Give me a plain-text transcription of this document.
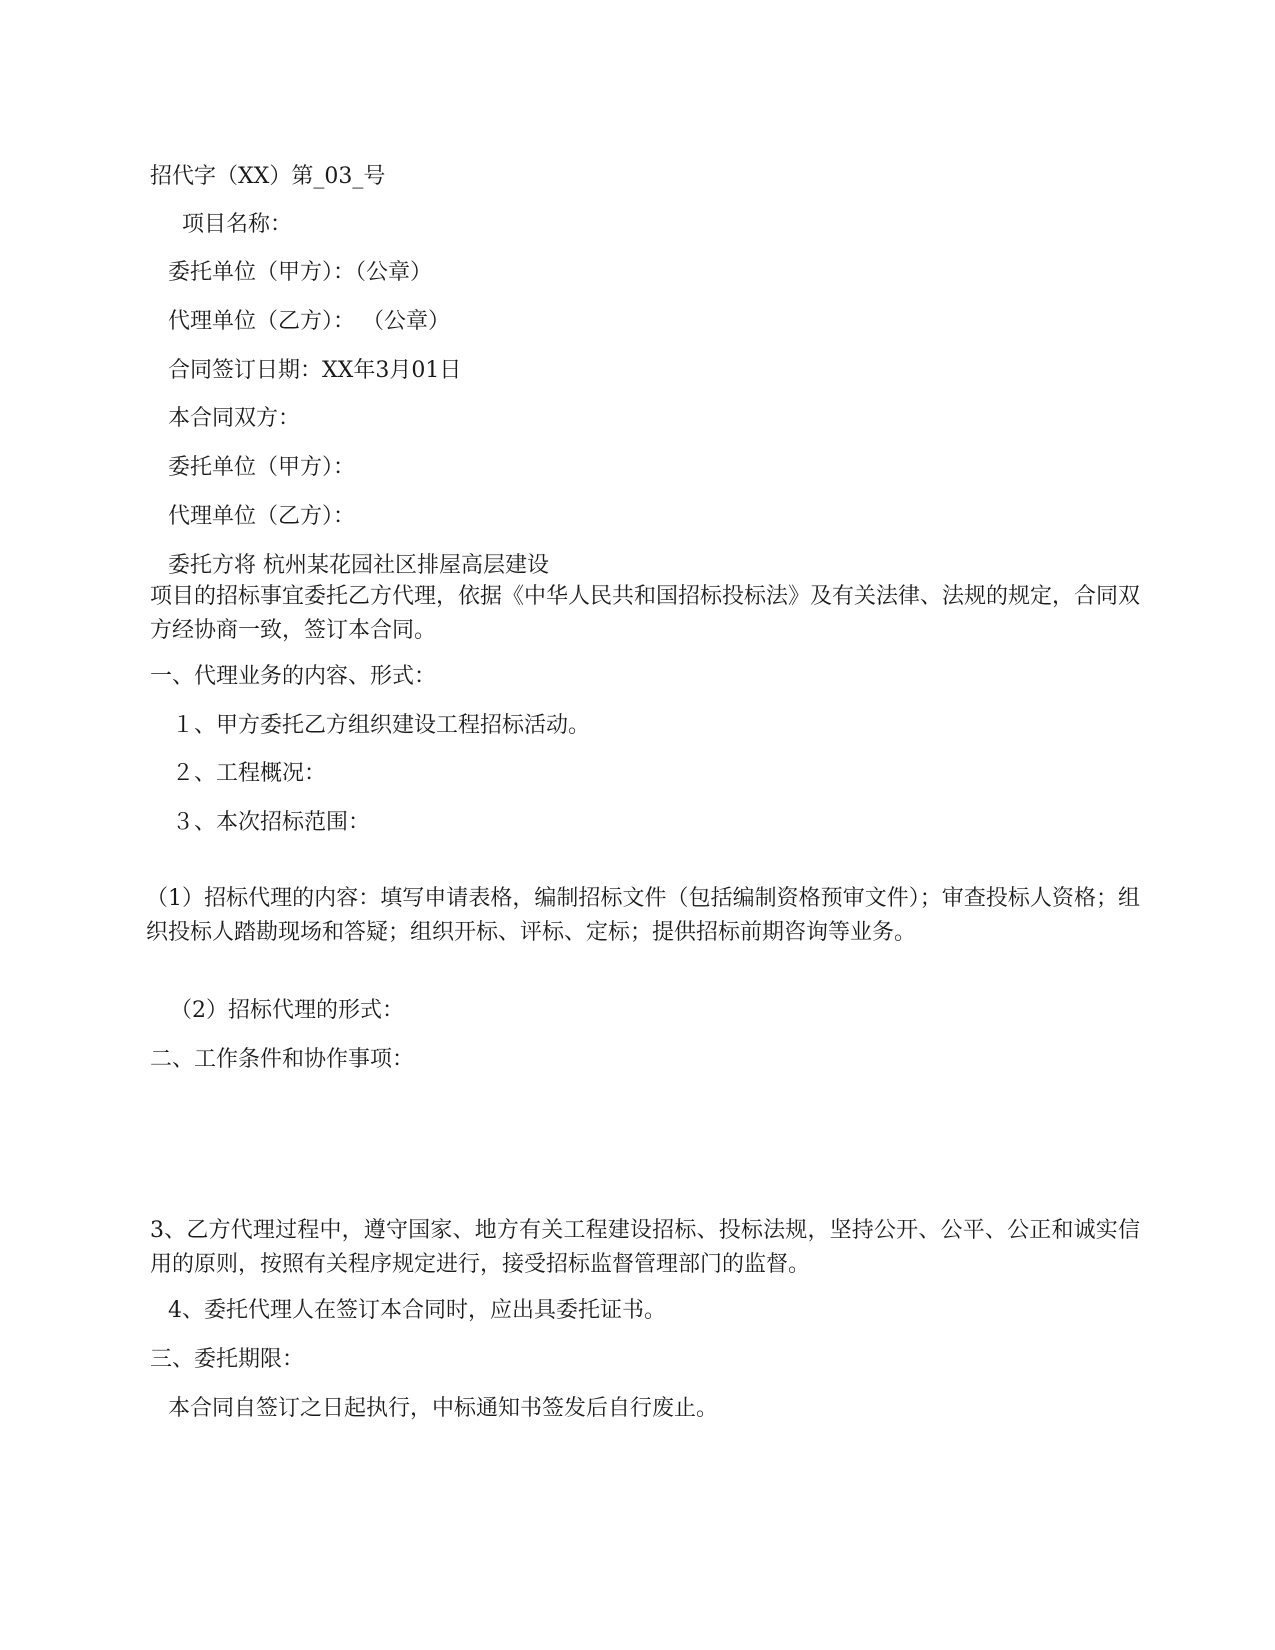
招代字（XX）第_03_号

项目名称：

委托单位（甲方）：（公章）

代理单位（乙方）： （公章）

合同签订日期：XX年3月01日

本合同双方：

委托单位（甲方）：

代理单位（乙方）：

委托方将 杭州某花园社区排屋高层建设

项目的招标事宜委托乙方代理，依据《中华人民共和国招标投标法》及有关法律、法规的规定，合同双方经协商一致，签订本合同。

一、代理业务的内容、形式：

１、甲方委托乙方组织建设工程招标活动。

２、工程概况：

３、本次招标范围：

（1）招标代理的内容：填写申请表格，编制招标文件（包括编制资格预审文件）；审查投标人资格；组织投标人踏勘现场和答疑；组织开标、评标、定标；提供招标前期咨询等业务。

（2）招标代理的形式：

二、工作条件和协作事项：

3、乙方代理过程中，遵守国家、地方有关工程建设招标、投标法规，坚持公开、公平、公正和诚实信用的原则，按照有关程序规定进行，接受招标监督管理部门的监督。

4、委托代理人在签订本合同时，应出具委托证书。

三、委托期限：

本合同自签订之日起执行，中标通知书签发后自行废止。
